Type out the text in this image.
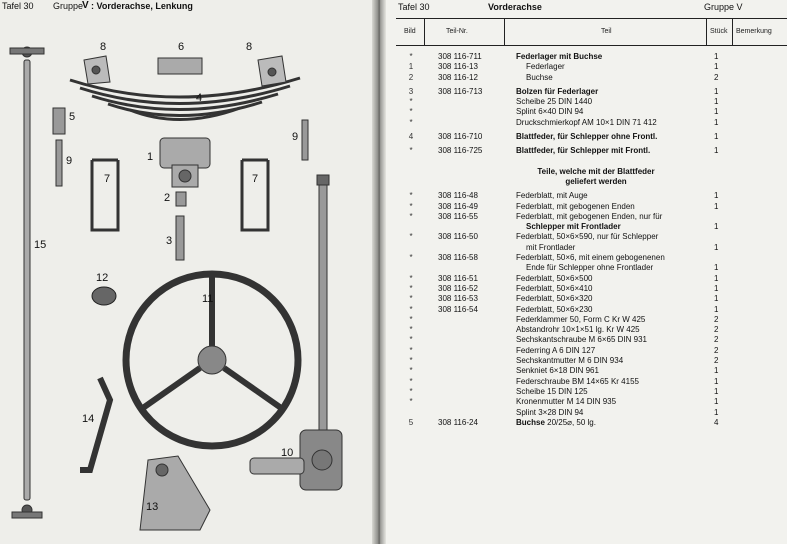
Tafel 30 Gruppe
V : Vorderachse, Lenkung
6
8	8
4
5
9
9	1
7	7
2
3
15
12
11
14
10
13
Tafel 30	Vorderachse	Gruppe V
Bild	Teil-Nr.	Teil	Stück Bemerkung
*	308 116-711	Federlager mit Buchse	1
1	308 116-13	Federlager	1
2	308 116-12	Buchse	2
3	308 116-713	Bolzen für Federlager	1
*	Scheibe 25 DIN 1440	1
*	Splint 6×40 DIN 94	1
*	Druckschmierkopf AM 10×1 DIN 71 412	1
4	308 116-710	Blattfeder, für Schlepper ohne Frontl.	1
*	308 116-725	Blattfeder, für Schlepper mit Frontl.	1
Teile, welche mit der Blattfeder
geliefert werden
*	308 116-48	Federblatt, mit Auge	1
*	308 116-49	Federblatt, mit gebogenen Enden	1
*	308 116-55	Federblatt, mit gebogenen Enden, nur für
Schlepper mit Frontlader	1
*	308 116-50	Federblatt, 50×6×590, nur für Schlepper
mit Frontlader	1
*	308 116-58	Federblatt, 50×6, mit einem gebogenenen
Ende für Schlepper ohne Frontlader	1
*	308 116-51	Federblatt, 50×6×500	1
*	308 116-52	Federblatt, 50×6×410	1
*	308 116-53	Federblatt, 50×6×320	1
*	308 116-54	Federblatt, 50×6×230	1
*	Federklammer 50, Form C Kr W 425	2
*	Abstandrohr 10×1×51 lg. Kr W 425	2
*	Sechskantschraube M 6×65 DIN 931	2
*	Federring A 6 DIN 127	2
*	Sechskantmutter M 6 DIN 934	2
*	Senkniet 6×18 DIN 961	1
*	Federschraube BM 14×65 Kr 4155	1
*	Scheibe 15 DIN 125	1
*	Kronenmutter M 14 DIN 935	1
Splint 3×28 DIN 94	1
5	308 116-24	Buchse 20/25⌀, 50 lg.	4
